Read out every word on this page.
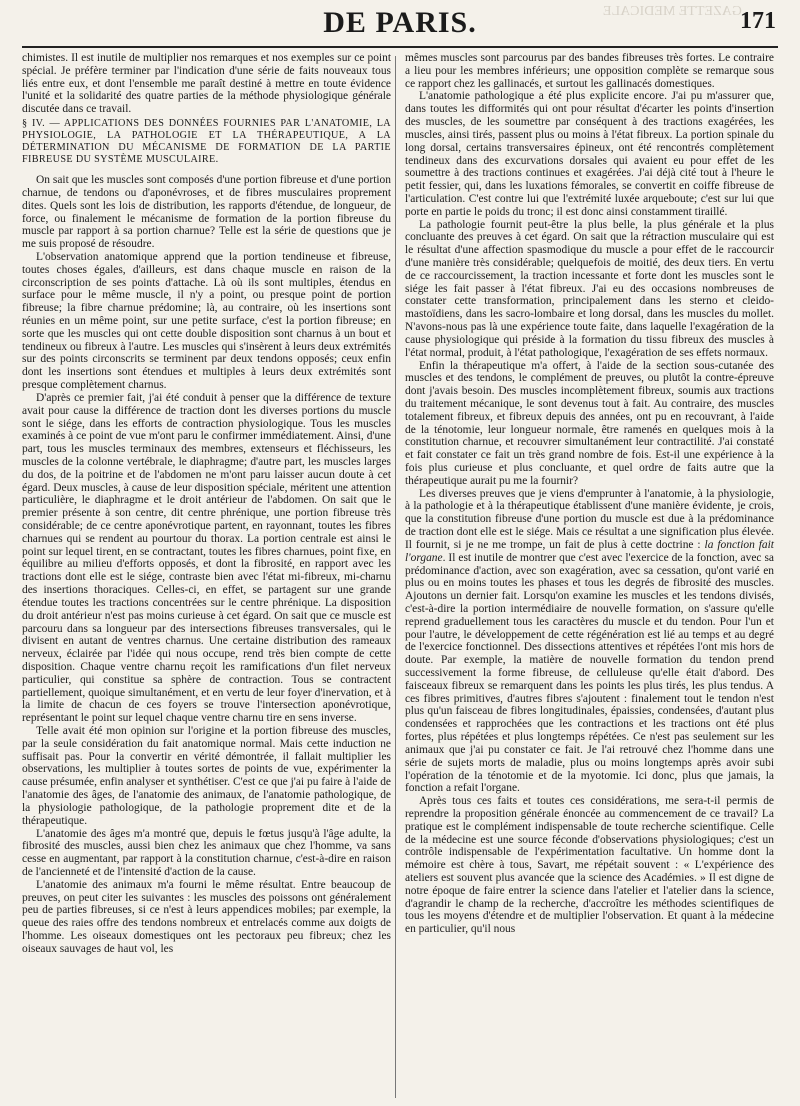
GAZETTE MEDICALE
DE PARIS.	171

chimistes. Il est inutile de multiplier nos remarques et nos exemples sur ce point spécial. Je préfère terminer par l'indication d'une série de faits nouveaux tous liés entre eux, et dont l'ensemble me paraît destiné à mettre en toute évidence l'unité et la solidarité des quatre parties de la méthode physiologique générale discutée dans ce travail.

§ IV. — APPLICATIONS DES DONNÉES FOURNIES PAR L'ANATOMIE, LA PHYSIOLOGIE, LA PATHOLOGIE ET LA THÉRAPEUTIQUE, A LA DÉTERMINATION DU MÉCANISME DE FORMATION DE LA PARTIE FIBREUSE DU SYSTÈME MUSCULAIRE.

On sait que les muscles sont composés d'une portion fibreuse et d'une portion charnue, de tendons ou d'aponévroses, et de fibres musculaires proprement dites. Quels sont les lois de distribution, les rapports d'étendue, de longueur, de force, ou finalement le mécanisme de formation de la portion fibreuse du muscle par rapport à sa portion charnue? Telle est la série de questions que je me suis proposé de résoudre.

L'observation anatomique apprend que la portion tendineuse et fibreuse, toutes choses égales, d'ailleurs, est dans chaque muscle en raison de la circonscription de ses points d'attache. Là où ils sont multiples, étendus en surface pour le même muscle, il n'y a point, ou presque point de portion fibreuse; la fibre charnue prédomine; là, au contraire, où les insertions sont réunies en un même point, sur une petite surface, c'est la portion fibreuse; en sorte que les muscles qui ont cette double disposition sont charnus à un bout et tendineux ou fibreux à l'autre. Les muscles qui s'insèrent à leurs deux extrémités sur des points circonscrits se terminent par deux tendons opposés; ceux enfin dont les insertions sont étendues et multiples à leurs deux extrémités sont presque complètement charnus.

D'après ce premier fait, j'ai été conduit à penser que la différence de texture avait pour cause la différence de traction dont les diverses portions du muscle sont le siége, dans les efforts de contraction physiologique. Tous les muscles examinés à ce point de vue m'ont paru le confirmer immédiatement. Ainsi, d'une part, tous les muscles terminaux des membres, extenseurs et fléchisseurs, les muscles de la colonne vertébrale, le diaphragme; d'autre part, les muscles larges du dos, de la poitrine et de l'abdomen ne m'ont paru laisser aucun doute à cet égard. Deux muscles, à cause de leur disposition spéciale, méritent une attention particulière, le diaphragme et le droit antérieur de l'abdomen. On sait que le premier présente à son centre, dit centre phrénique, une portion fibreuse très considérable; de ce centre aponévrotique partent, en rayonnant, toutes les fibres charnues qui se rendent au pourtour du thorax. La portion centrale est ainsi le point sur lequel tirent, en se contractant, toutes les fibres charnues, point fixe, en équilibre au milieu d'efforts opposés, et dont la fibrosité, en rapport avec les tractions dont elle est le siége, contraste bien avec l'état mi-fibreux, mi-charnu des insertions thoraciques. Celles-ci, en effet, se partagent sur une grande étendue toutes les tractions concentrées sur le centre phrénique. La disposition du droit antérieur n'est pas moins curieuse à cet égard. On sait que ce muscle est parcouru dans sa longueur par des intersections fibreuses transversales, qui le divisent en autant de ventres charnus. Une certaine distribution des rameaux nerveux, éclairée par l'idée qui nous occupe, rend très bien compte de cette disposition. Chaque ventre charnu reçoit les ramifications d'un filet nerveux particulier, qui constitue sa sphère de contraction. Tous se contractent partiellement, quoique simultanément, et en vertu de leur foyer d'inervation, et à la limite de chacun de ces foyers se trouve l'intersection aponévrotique, représentant le point sur lequel chaque ventre charnu tire en sens inverse.

Telle avait été mon opinion sur l'origine et la portion fibreuse des muscles, par la seule considération du fait anatomique normal. Mais cette induction ne suffisait pas. Pour la convertir en vérité démontrée, il fallait multiplier les observations, les multiplier à toutes sortes de points de vue, expérimenter la cause présumée, enfin analyser et synthétiser. C'est ce que j'ai pu faire à l'aide de l'anatomie des âges, de l'anatomie des animaux, de l'anatomie pathologique, de la physiologie pathologique, de la pathologie proprement dite et de la thérapeutique.

L'anatomie des âges m'a montré que, depuis le fœtus jusqu'à l'âge adulte, la fibrosité des muscles, aussi bien chez les animaux que chez l'homme, va sans cesse en augmentant, par rapport à la constitution charnue, c'est-à-dire en raison de l'ancienneté et de l'intensité d'action de la cause.

L'anatomie des animaux m'a fourni le même résultat. Entre beaucoup de preuves, on peut citer les suivantes : les muscles des poissons ont généralement peu de parties fibreuses, si ce n'est à leurs appendices mobiles; par exemple, la queue des raies offre des tendons nombreux et entrelacés comme aux doigts de l'homme. Les oiseaux domestiques ont les pectoraux peu fibreux; chez les oiseaux sauvages de haut vol, les

mêmes muscles sont parcourus par des bandes fibreuses très fortes. Le contraire a lieu pour les membres inférieurs; une opposition complète se remarque sous ce rapport chez les gallinacés, et surtout les gallinacés domestiques.

L'anatomie pathologique a été plus explicite encore. J'ai pu m'assurer que, dans toutes les difformités qui ont pour résultat d'écarter les points d'insertion des muscles, de les soumettre par conséquent à des tractions exagérées, les muscles, ainsi tirés, passent plus ou moins à l'état fibreux. La portion spinale du long dorsal, certains transversaires épineux, ont été rencontrés complètement tendineux dans des excurvations dorsales qui avaient eu pour effet de les soumettre à des tractions continues et exagérées. J'ai déjà cité tout à l'heure le petit fessier, qui, dans les luxations fémorales, se convertit en coiffe fibreuse de l'articulation. C'est contre lui que l'extrémité luxée arqueboute; c'est sur lui que porte en partie le poids du tronc; il est donc ainsi constamment tiraillé.

La pathologie fournit peut-être la plus belle, la plus générale et la plus concluante des preuves à cet égard. On sait que la rétraction musculaire qui est le résultat d'une affection spasmodique du muscle a pour effet de le raccourcir d'une manière très considérable; quelquefois de moitié, des deux tiers. En vertu de ce raccourcissement, la traction incessante et forte dont les muscles sont le siége les fait passer à l'état fibreux. J'ai eu des occasions nombreuses de constater cette transformation, principalement dans les sterno et cleido-mastoïdiens, dans les sacro-lombaire et long dorsal, dans les muscles du mollet. N'avons-nous pas là une expérience toute faite, dans laquelle l'exagération de la cause physiologique qui préside à la formation du tissu fibreux des muscles à l'état normal, produit, à l'état pathologique, l'exagération de ses effets normaux.

Enfin la thérapeutique m'a offert, à l'aide de la section sous-cutanée des muscles et des tendons, le complément de preuves, ou plutôt la contre-épreuve dont j'avais besoin. Des muscles incomplètement fibreux, soumis aux tractions du traitement mécanique, le sont devenus tout à fait. Au contraire, des muscles totalement fibreux, et fibreux depuis des années, ont pu en recouvrant, à l'aide de la ténotomie, leur longueur normale, être ramenés en quelques mois à la constitution charnue, et recouvrer simultanément leur contractilité. J'ai constaté et fait constater ce fait un très grand nombre de fois. Est-il une expérience à la fois plus curieuse et plus concluante, et quel ordre de faits autre que la thérapeutique aurait pu me la fournir?

Les diverses preuves que je viens d'emprunter à l'anatomie, à la physiologie, à la pathologie et à la thérapeutique établissent d'une manière évidente, je crois, que la constitution fibreuse d'une portion du muscle est due à la prédominance de traction dont elle est le siége. Mais ce résultat a une signification plus élevée. Il fournit, si je ne me trompe, un fait de plus à cette doctrine : la fonction fait l'organe. Il est inutile de montrer que c'est avec l'exercice de la fonction, avec sa prédominance d'action, avec son exagération, avec sa cessation, qu'ont varié en plus ou en moins toutes les phases et tous les degrés de fibrosité des muscles. Ajoutons un dernier fait. Lorsqu'on examine les muscles et les tendons divisés, c'est-à-dire la portion intermédiaire de nouvelle formation, on s'assure qu'elle reprend graduellement tous les caractères du muscle et du tendon. Pour l'un et pour l'autre, le développement de cette régénération est lié au temps et au degré de l'exercice fonctionnel. Des dissections attentives et répétées l'ont mis hors de doute. Par exemple, la matière de nouvelle formation du tendon prend successivement la forme fibreuse, de celluleuse qu'elle était d'abord. Des faisceaux fibreux se remarquent dans les points les plus tirés, les plus tendus. A ces fibres primitives, d'autres fibres s'ajoutent : finalement tout le tendon n'est plus qu'un faisceau de fibres longitudinales, épaissies, condensées, d'autant plus condensées et rapprochées que les contractions et les tractions ont été plus fortes, plus répétées et plus longtemps répétées. Ce n'est pas seulement sur les animaux que j'ai pu constater ce fait. Je l'ai retrouvé chez l'homme dans une série de sujets morts de maladie, plus ou moins longtemps après avoir subi l'opération de la ténotomie et de la myotomie. Ici donc, plus que jamais, la fonction a refait l'organe.

Après tous ces faits et toutes ces considérations, me sera-t-il permis de reprendre la proposition générale énoncée au commencement de ce travail? La pratique est le complément indispensable de toute recherche scientifique. Celle de la médecine est une source féconde d'observations physiologiques; c'est un contrôle indispensable de l'expérimentation facultative. Un homme dont la mémoire est chère à tous, Savart, me répétait souvent : « L'expérience des ateliers est souvent plus avancée que la science des Académies. » Il est digne de notre époque de faire entrer la science dans l'atelier et l'atelier dans la science, d'agrandir le champ de la recherche, d'accroître les méthodes scientifiques de tous les moyens d'étendre et de multiplier l'observation. Et quant à la médecine en particulier, qu'il nous
